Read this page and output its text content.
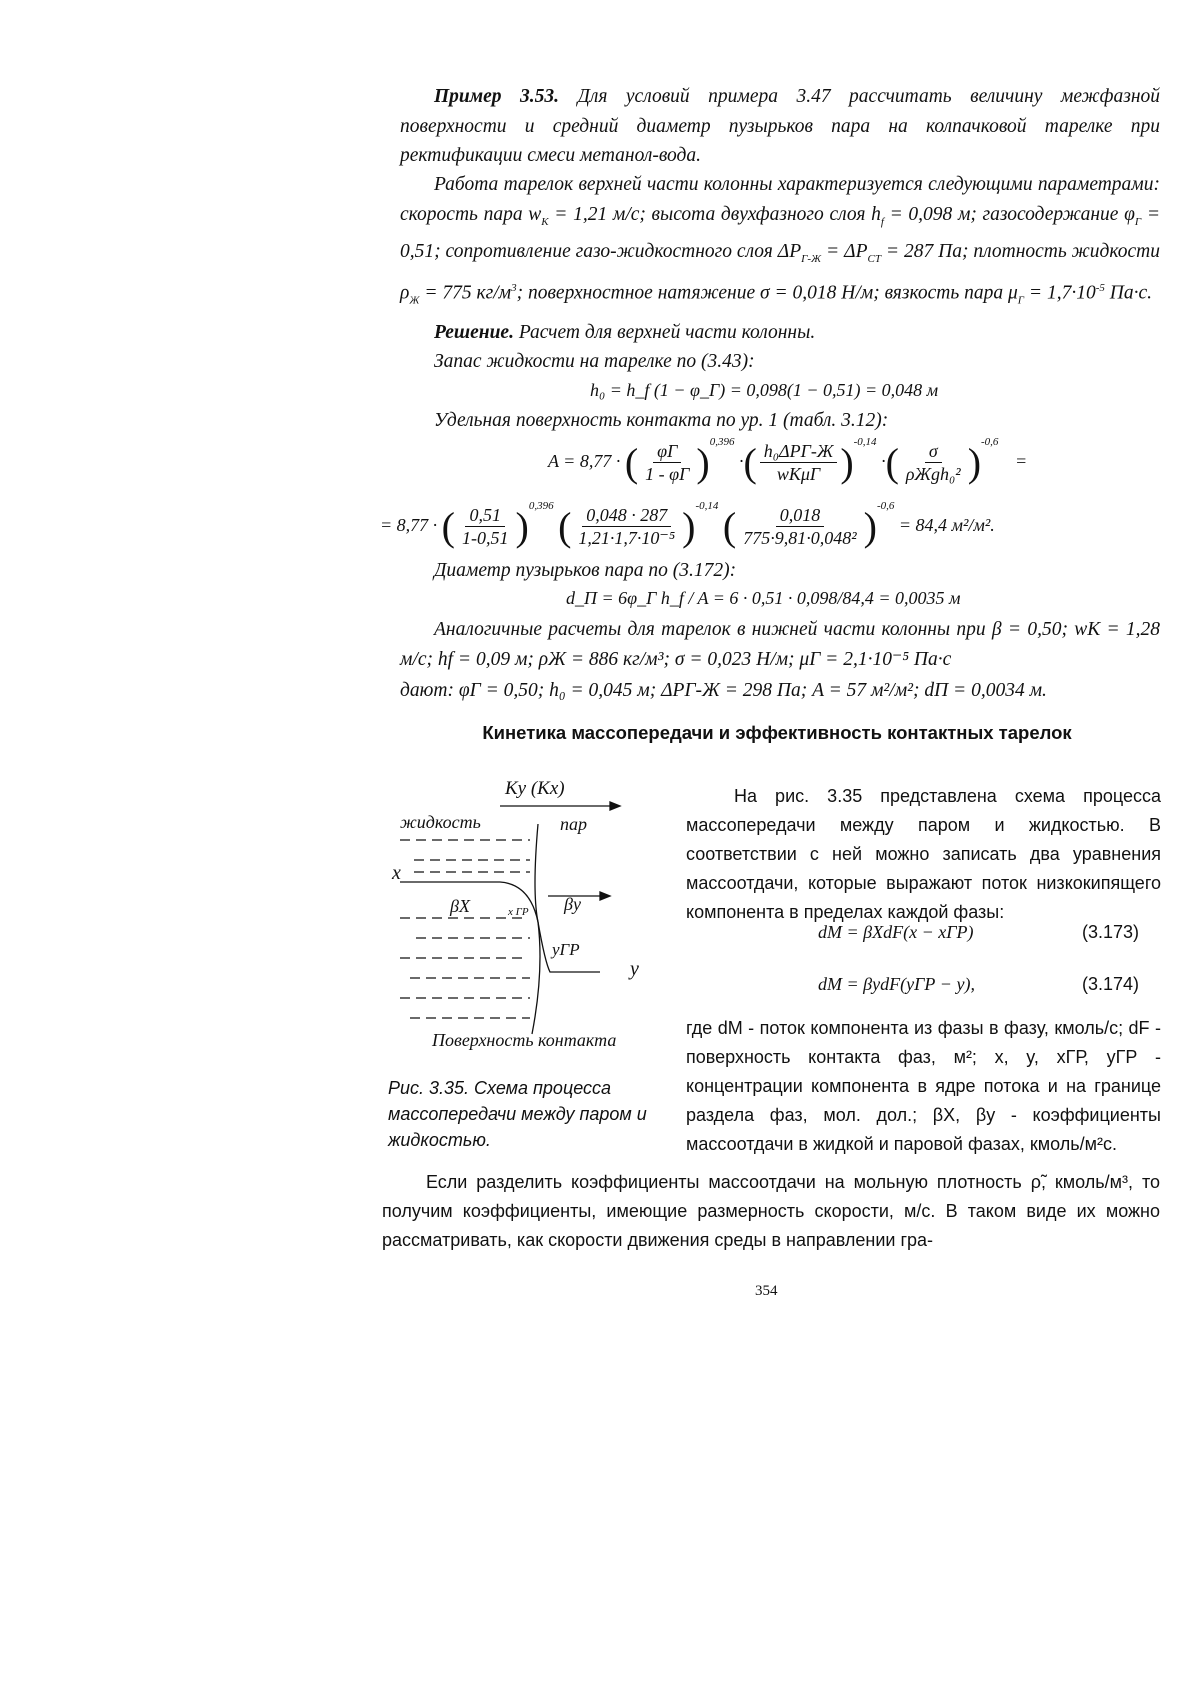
Пример 3.53. Для условий примера 3.47 рассчитать величину межфазной поверхности и средний диаметр пузырьков пара на колпачковой тарелке при ректификации смеси метанол-вода.

Работа тарелок верхней части колонны характеризуется следующими параметрами: скорость пара $w_К = 1,21$ м/с; высота двухфазного слоя $h_f = 0,098$ м; газосодержание $\varphi_Г = 0,51$; сопротивление газо-жидкостного слоя $\Delta P_{Г-Ж} = \Delta P_{СТ} = 287$ Па; плотность жидкости $\rho_Ж = 775$ $кг/м^3$; поверхностное натяжение σ = 0,018 Н/м; вязкость пара $\mu_Г = 1,7\cdot 10^{-5}$ Па·с.

Решение. Расчет для верхней части колонны.

Запас жидкости на тарелке по (3.43):

h₀ = h_f (1 − φ_Г) = 0,098(1 − 0,51) = 0,048 м

Удельная поверхность контакта по ур. 1 (табл. 3.12):

A = 8,77 · ( $\frac{\varphi Г}{1 - \varphi Г} )^{0,396}$ ·( $\frac{\text{h₀ΔPГ-Ж}}{\text{wКμГ}} )^{-0,14}$ ·( $\frac{\sigma}{\text{ρЖgh₀²}} )^{-0,6}$ =
= 8,77 · ( $\frac{0,51}{1-0,51} )^{0,396}$ ( $\frac{0,048 \cdot 287}{\text{1,21·1,7·10⁻⁵}} )^{-0,14}$ ( $\frac{0,018}{\text{775·9,81·0,048²}} )^{-0,6} = 84,4$ м²/м².

Диаметр пузырьков пара по (3.172):

d_П = 6φ_Г h_f / A = 6 · 0,51 · 0,098/84,4 = 0,0035 м

Аналогичные расчеты для тарелок в нижней части колонны при β = 0,50; wК = 1,28 м/с; hf = 0,09 м; ρЖ = 886 кг/м³; σ = 0,023 Н/м; μГ = 2,1·10⁻⁵ Па·с

дают: φГ = 0,50; h₀ = 0,045 м; ΔPГ-Ж = 298 Па; A = 57 м²/м²; dП = 0,0034 м.

Кинетика массопередачи и эффективность контактных тарелок
Ky (Kx)
жидкость	пар
x
βX	x ГР βy
yГР
y
Поверхность контакта
Рис. 3.35. Схема процесса массопередачи между паром и жидкостью.
На рис. 3.35 представлена схема процесса массопередачи между паром и жидкостью. В соответствии с ней можно записать два уравнения массоотдачи, которые выражают поток низкокипящего компонента в пределах каждой фазы:
dM = βXdF(x − xГР)	(3.173)
dM = βydF(yГР − y),	(3.174)
где dM - поток компонента из фазы в фазу, кмоль/с; dF - поверхность контакта фаз, м²; x, y, xГР, yГР - концентрации компонента в ядре потока и на границе раздела фаз, мол. дол.; βX, βy - коэффициенты массоотдачи в жидкой и паровой фазах, кмоль/м²с.
Если разделить коэффициенты массоотдачи на мольную плотность ρ̃, кмоль/м³, то получим коэффициенты, имеющие размерность скорости, м/с. В таком виде их можно рассматривать, как скорости движения среды в направлении гра-
354
